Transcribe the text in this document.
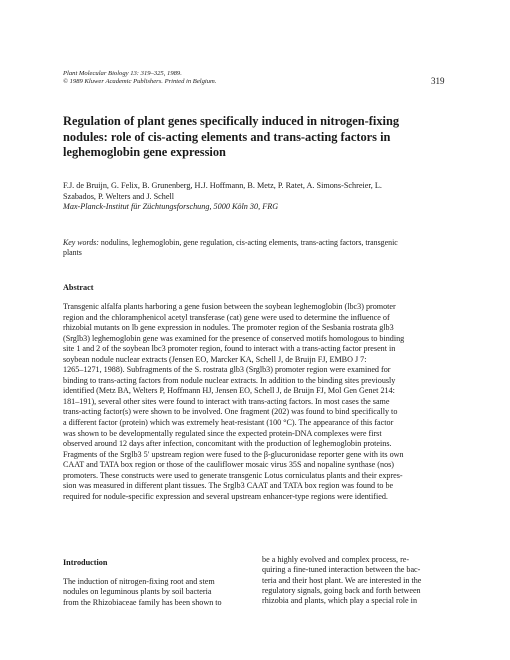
Plant Molecular Biology 13: 319–325, 1989.
© 1989 Kluwer Academic Publishers. Printed in Belgium.	319
Regulation of plant genes specifically induced in nitrogen-fixing
nodules: role of cis-acting elements and trans-acting factors in
leghemoglobin gene expression
F.J. de Bruijn, G. Felix, B. Grunenberg, H.J. Hoffmann, B. Metz, P. Ratet, A. Simons-Schreier, L.
Szabados, P. Welters and J. Schell
Max-Planck-Institut für Züchtungsforschung, 5000 Köln 30, FRG
Key words: nodulins, leghemoglobin, gene regulation, cis-acting elements, trans-acting factors, transgenic
plants
Abstract
Transgenic alfalfa plants harboring a gene fusion between the soybean leghemoglobin (lbc3) promoter
region and the chloramphenicol acetyl transferase (cat) gene were used to determine the influence of
rhizobial mutants on lb gene expression in nodules. The promoter region of the Sesbania rostrata glb3
(Srglb3) leghemoglobin gene was examined for the presence of conserved motifs homologous to binding
site 1 and 2 of the soybean lbc3 promoter region, found to interact with a trans-acting factor present in
soybean nodule nuclear extracts (Jensen EO, Marcker KA, Schell J, de Bruijn FJ, EMBO J 7:
1265–1271, 1988). Subfragments of the S. rostrata glb3 (Srglb3) promoter region were examined for
binding to trans-acting factors from nodule nuclear extracts. In addition to the binding sites previously
identified (Metz BA, Welters P, Hoffmann HJ, Jensen EO, Schell J, de Bruijn FJ, Mol Gen Genet 214:
181–191), several other sites were found to interact with trans-acting factors. In most cases the same
trans-acting factor(s) were shown to be involved. One fragment (202) was found to bind specifically to
a different factor (protein) which was extremely heat-resistant (100 °C). The appearance of this factor
was shown to be developmentally regulated since the expected protein-DNA complexes were first
observed around 12 days after infection, concomitant with the production of leghemoglobin proteins.
Fragments of the Srglb3 5′ upstream region were fused to the β-glucuronidase reporter gene with its own
CAAT and TATA box region or those of the cauliflower mosaic virus 35S and nopaline synthase (nos)
promoters. These constructs were used to generate transgenic Lotus corniculatus plants and their expres-
sion was measured in different plant tissues. The Srglb3 CAAT and TATA box region was found to be
required for nodule-specific expression and several upstream enhancer-type regions were identified.
Introduction
The induction of nitrogen-fixing root and stem
nodules on leguminous plants by soil bacteria
from the Rhizobiaceae family has been shown to
be a highly evolved and complex process, re-
quiring a fine-tuned interaction between the bac-
teria and their host plant. We are interested in the
regulatory signals, going back and forth between
rhizobia and plants, which play a special role in
